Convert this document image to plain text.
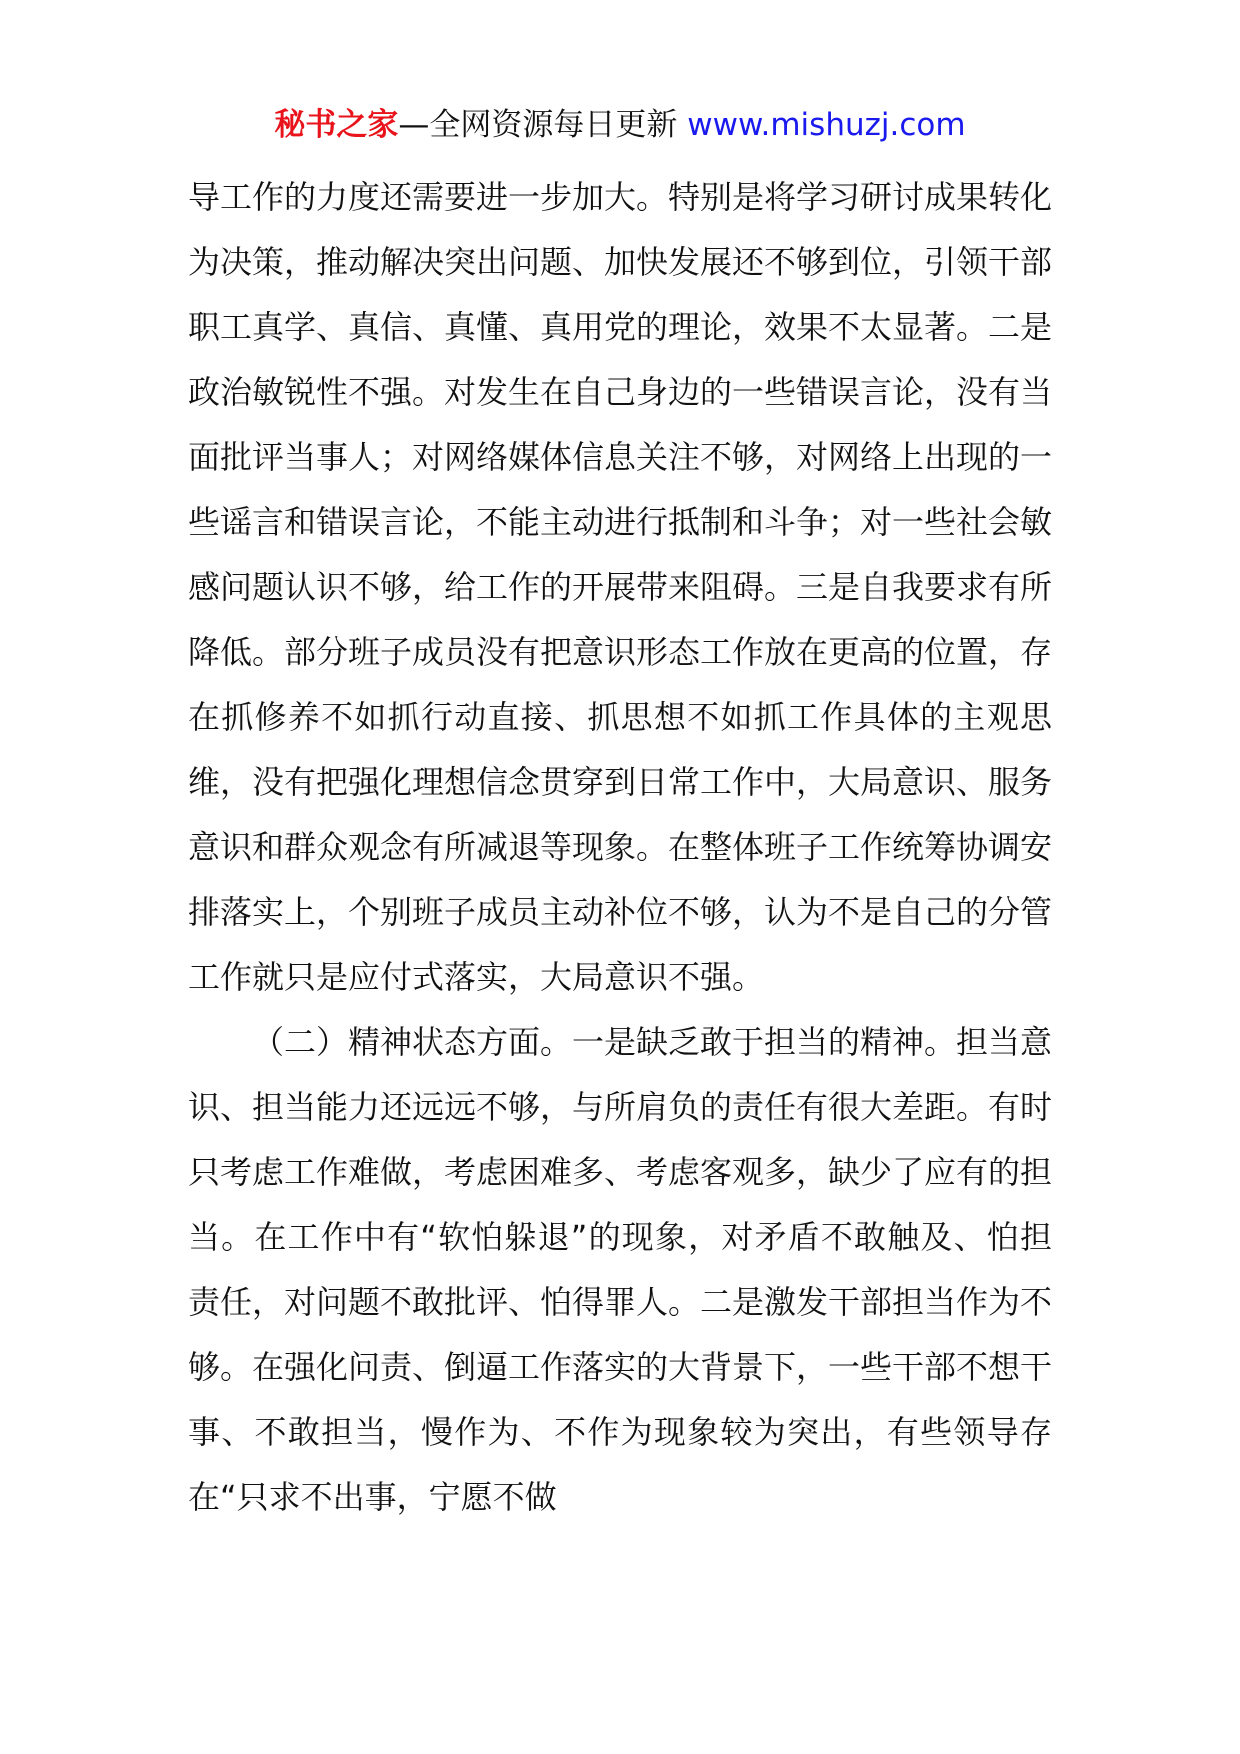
秘书之家—全网资源每日更新 www.mishuzj.com

导工作的力度还需要进一步加大。特别是将学习研讨成果转化为决策，推动解决突出问题、加快发展还不够到位，引领干部职工真学、真信、真懂、真用党的理论，效果不太显著。二是政治敏锐性不强。对发生在自己身边的一些错误言论，没有当面批评当事人；对网络媒体信息关注不够，对网络上出现的一些谣言和错误言论，不能主动进行抵制和斗争；对一些社会敏感问题认识不够，给工作的开展带来阻碍。三是自我要求有所降低。部分班子成员没有把意识形态工作放在更高的位置，存在抓修养不如抓行动直接、抓思想不如抓工作具体的主观思维，没有把强化理想信念贯穿到日常工作中，大局意识、服务意识和群众观念有所减退等现象。在整体班子工作统筹协调安排落实上，个别班子成员主动补位不够，认为不是自己的分管工作就只是应付式落实，大局意识不强。

（二）精神状态方面。一是缺乏敢于担当的精神。担当意识、担当能力还远远不够，与所肩负的责任有很大差距。有时只考虑工作难做，考虑困难多、考虑客观多，缺少了应有的担当。在工作中有“软怕躲退”的现象，对矛盾不敢触及、怕担责任，对问题不敢批评、怕得罪人。二是激发干部担当作为不够。在强化问责、倒逼工作落实的大背景下，一些干部不想干事、不敢担当，慢作为、不作为现象较为突出，有些领导存在“只求不出事，宁愿不做
